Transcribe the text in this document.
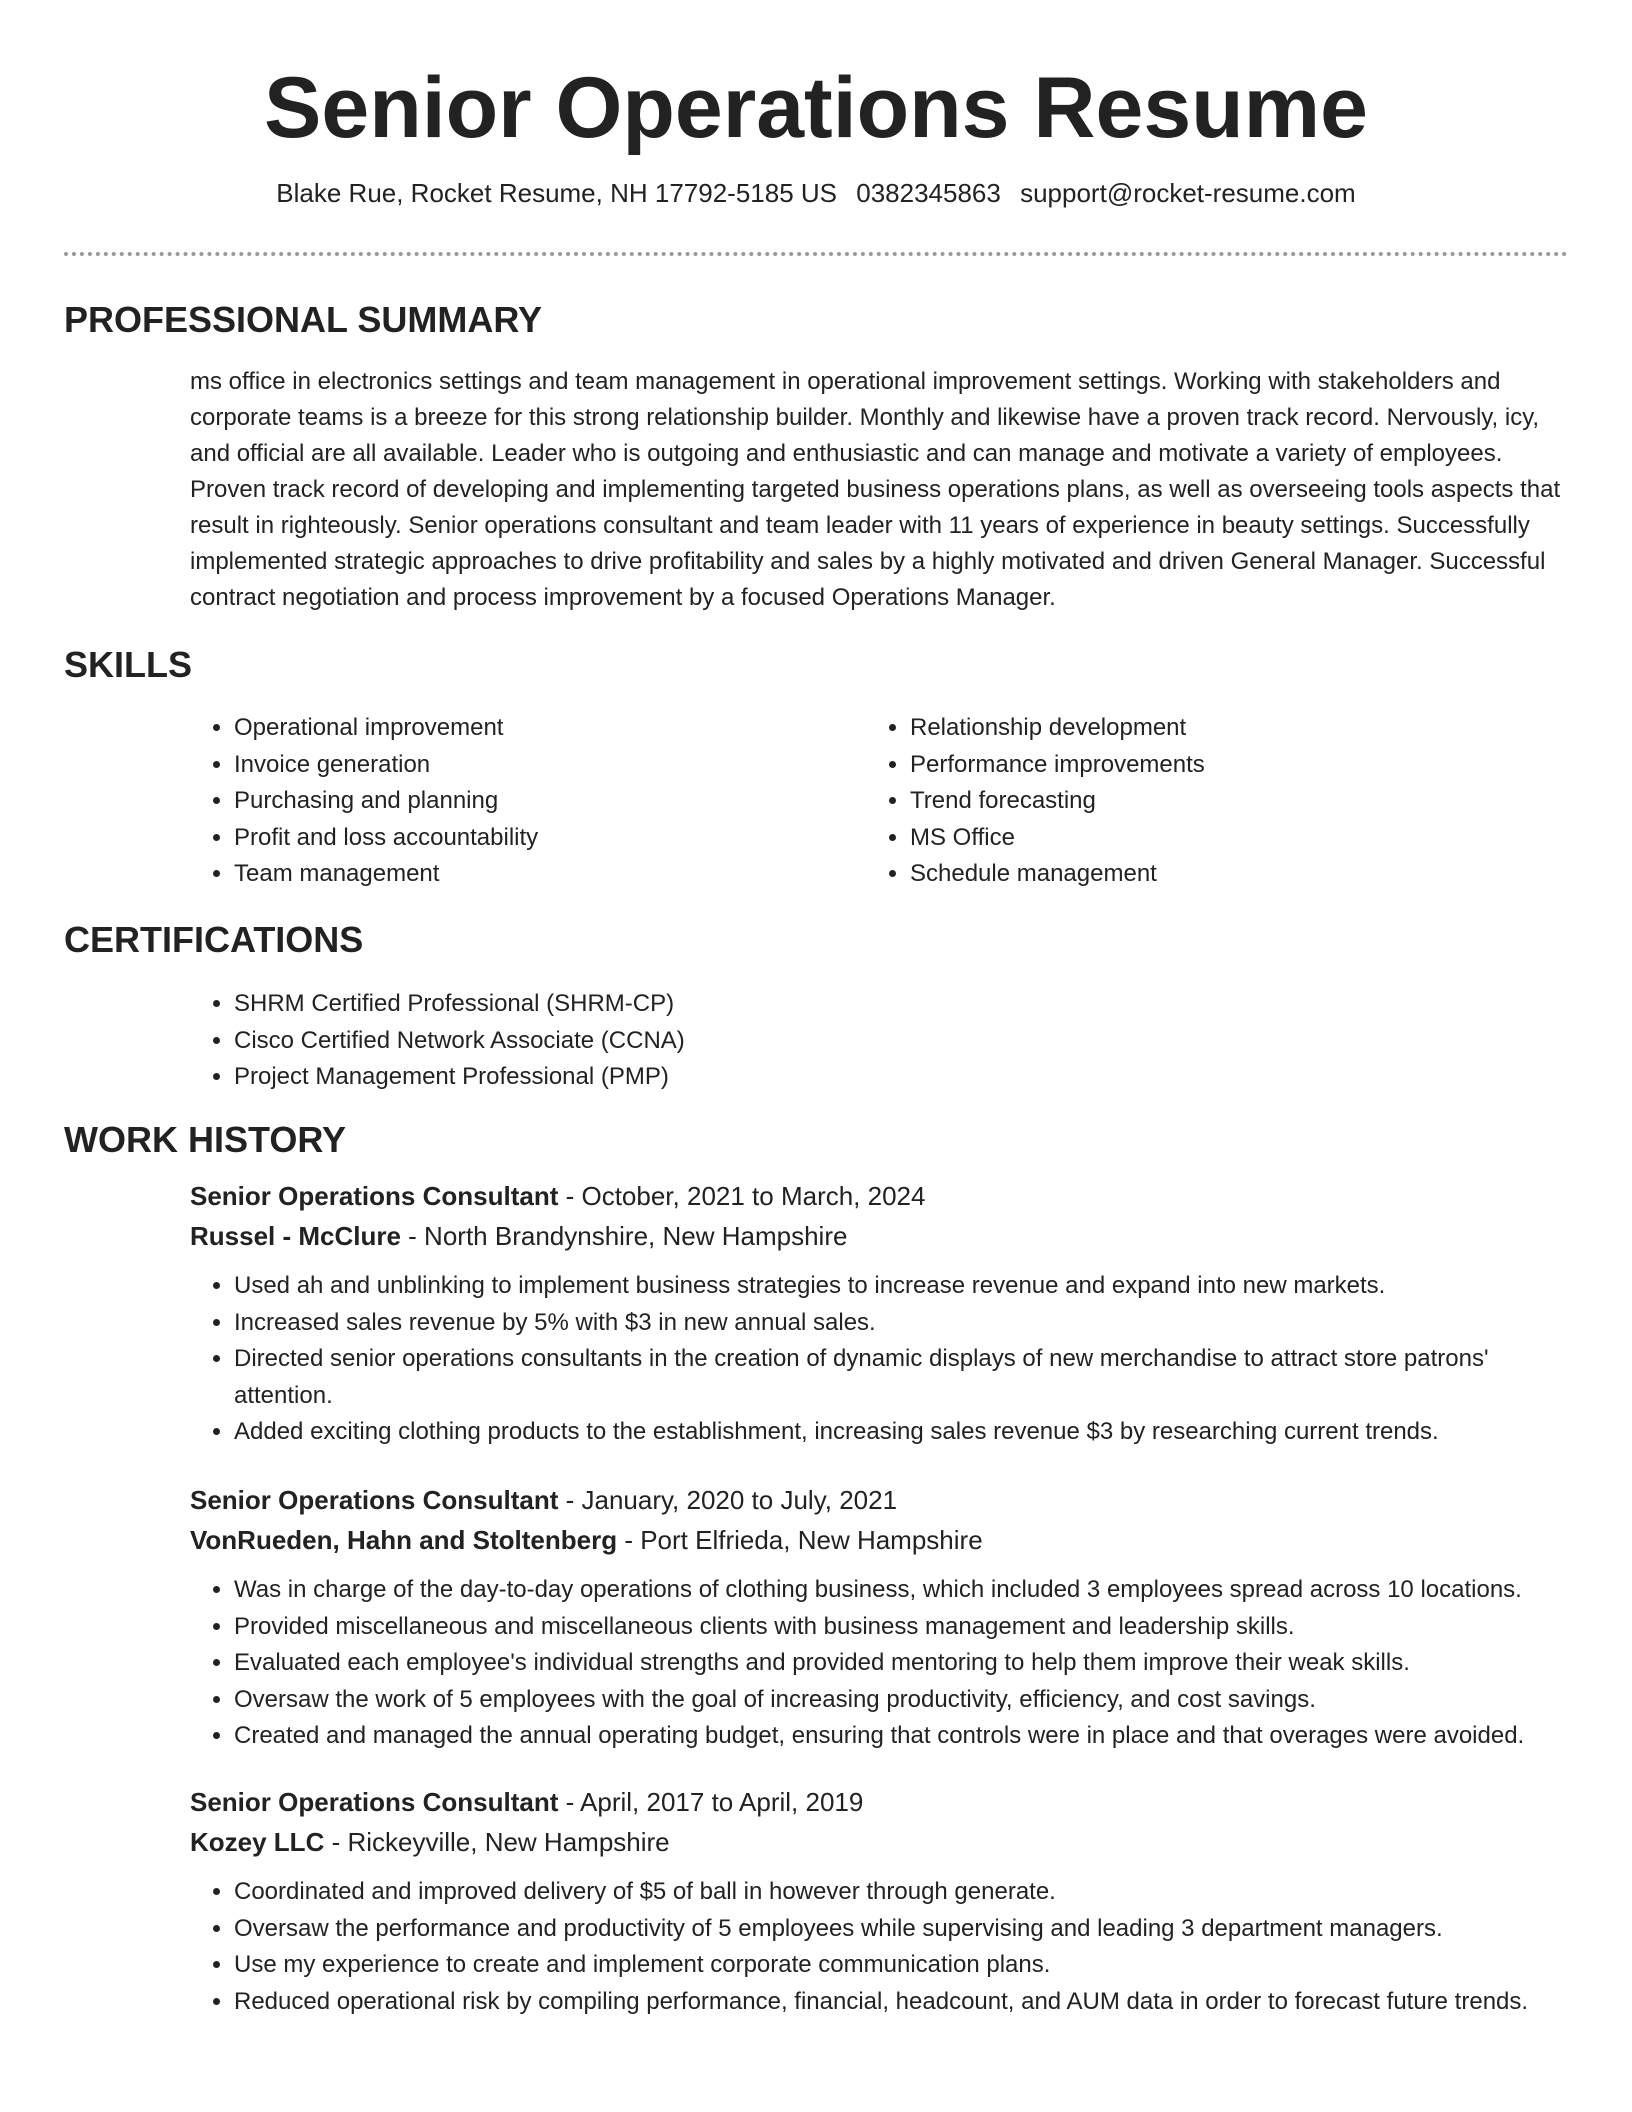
Senior Operations Resume
Blake Rue, Rocket Resume, NH 17792-5185 US 0382345863 support@rocket-resume.com
PROFESSIONAL SUMMARY

ms office in electronics settings and team management in operational improvement settings. Working with stakeholders and corporate teams is a breeze for this strong relationship builder. Monthly and likewise have a proven track record. Nervously, icy, and official are all available. Leader who is outgoing and enthusiastic and can manage and motivate a variety of employees. Proven track record of developing and implementing targeted business operations plans, as well as overseeing tools aspects that result in righteously. Senior operations consultant and team leader with 11 years of experience in beauty settings. Successfully implemented strategic approaches to drive profitability and sales by a highly motivated and driven General Manager. Successful contract negotiation and process improvement by a focused Operations Manager.

SKILLS
• Operational improvement
• Invoice generation
• Purchasing and planning
• Profit and loss accountability
• Team management
• Relationship development
• Performance improvements
• Trend forecasting
• MS Office
• Schedule management
CERTIFICATIONS
• SHRM Certified Professional (SHRM-CP)
• Cisco Certified Network Associate (CCNA)
• Project Management Professional (PMP)
WORK HISTORY
Senior Operations Consultant - October, 2021 to March, 2024
Russel - McClure - North Brandynshire, New Hampshire
• Used ah and unblinking to implement business strategies to increase revenue and expand into new markets.
• Increased sales revenue by 5% with $3 in new annual sales.
• Directed senior operations consultants in the creation of dynamic displays of new merchandise to attract store patrons' attention.
• Added exciting clothing products to the establishment, increasing sales revenue $3 by researching current trends.
Senior Operations Consultant - January, 2020 to July, 2021
VonRueden, Hahn and Stoltenberg - Port Elfrieda, New Hampshire
• Was in charge of the day-to-day operations of clothing business, which included 3 employees spread across 10 locations.
• Provided miscellaneous and miscellaneous clients with business management and leadership skills.
• Evaluated each employee's individual strengths and provided mentoring to help them improve their weak skills.
• Oversaw the work of 5 employees with the goal of increasing productivity, efficiency, and cost savings.
• Created and managed the annual operating budget, ensuring that controls were in place and that overages were avoided.
Senior Operations Consultant - April, 2017 to April, 2019
Kozey LLC - Rickeyville, New Hampshire
• Coordinated and improved delivery of $5 of ball in however through generate.
• Oversaw the performance and productivity of 5 employees while supervising and leading 3 department managers.
• Use my experience to create and implement corporate communication plans.
• Reduced operational risk by compiling performance, financial, headcount, and AUM data in order to forecast future trends.
